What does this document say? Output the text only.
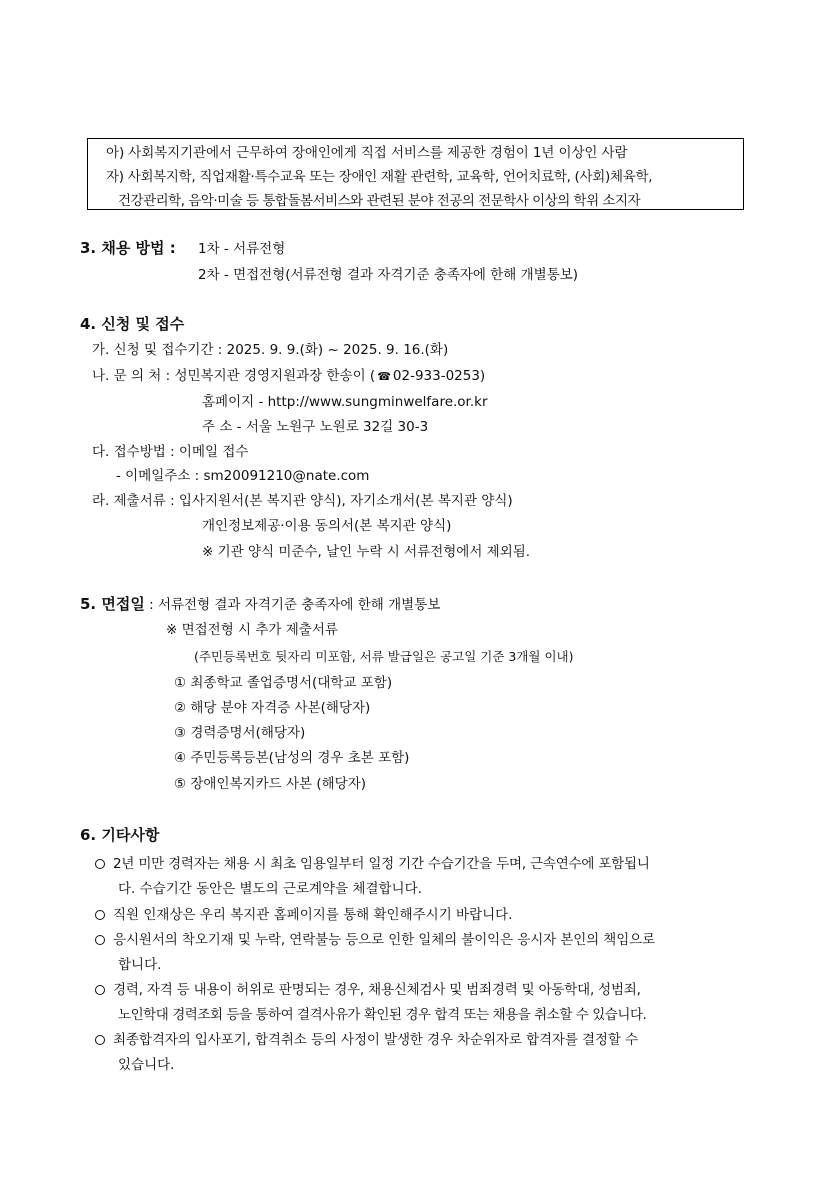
아) 사회복지기관에서 근무하여 장애인에게 직접 서비스를 제공한 경험이 1년 이상인 사람
자) 사회복지학, 직업재활·특수교육 또는 장애인 재활 관련학, 교육학, 언어치료학, (사회)체육학,
건강관리학, 음악·미술 등 통합돌봄서비스와 관련된 분야 전공의 전문학사 이상의 학위 소지자
3. 채용 방법 : 1차 - 서류전형
2차 - 면접전형(서류전형 결과 자격기준 충족자에 한해 개별통보)
4. 신청 및 접수
가. 신청 및 접수기간 : 2025. 9. 9.(화) ~ 2025. 9. 16.(화)
나. 문 의 처 : 성민복지관 경영지원과장 한송이 ( ☎ 02-933-0253)
홈페이지 - http://www.sungminwelfare.or.kr
주 소 - 서울 노원구 노원로 32길 30-3
다. 접수방법 : 이메일 접수
- 이메일주소 : sm20091210@nate.com
라. 제출서류 : 입사지원서(본 복지관 양식), 자기소개서(본 복지관 양식)
개인정보제공·이용 동의서(본 복지관 양식)
※ 기관 양식 미준수, 날인 누락 시 서류전형에서 제외됨.
5. 면접일 : 서류전형 결과 자격기준 충족자에 한해 개별통보
※ 면접전형 시 추가 제출서류
(주민등록번호 뒷자리 미포함, 서류 발급일은 공고일 기준 3개월 이내)
① 최종학교 졸업증명서(대학교 포함)
② 해당 분야 자격증 사본(해당자)
③ 경력증명서(해당자)
④ 주민등록등본(남성의 경우 초본 포함)
⑤ 장애인복지카드 사본 (해당자)
6. 기타사항
2년 미만 경력자는 채용 시 최초 임용일부터 일정 기간 수습기간을 두며, 근속연수에 포함됩니
다. 수습기간 동안은 별도의 근로계약을 체결합니다.
직원 인재상은 우리 복지관 홈페이지를 통해 확인해주시기 바랍니다.
응시원서의 착오기재 및 누락, 연락불능 등으로 인한 일체의 불이익은 응시자 본인의 책임으로
합니다.
경력, 자격 등 내용이 허위로 판명되는 경우, 채용신체검사 및 범죄경력 및 아동학대, 성범죄,
노인학대 경력조회 등을 통하여 결격사유가 확인된 경우 합격 또는 채용을 취소할 수 있습니다.
최종합격자의 입사포기, 합격취소 등의 사정이 발생한 경우 차순위자로 합격자를 결정할 수
있습니다.
